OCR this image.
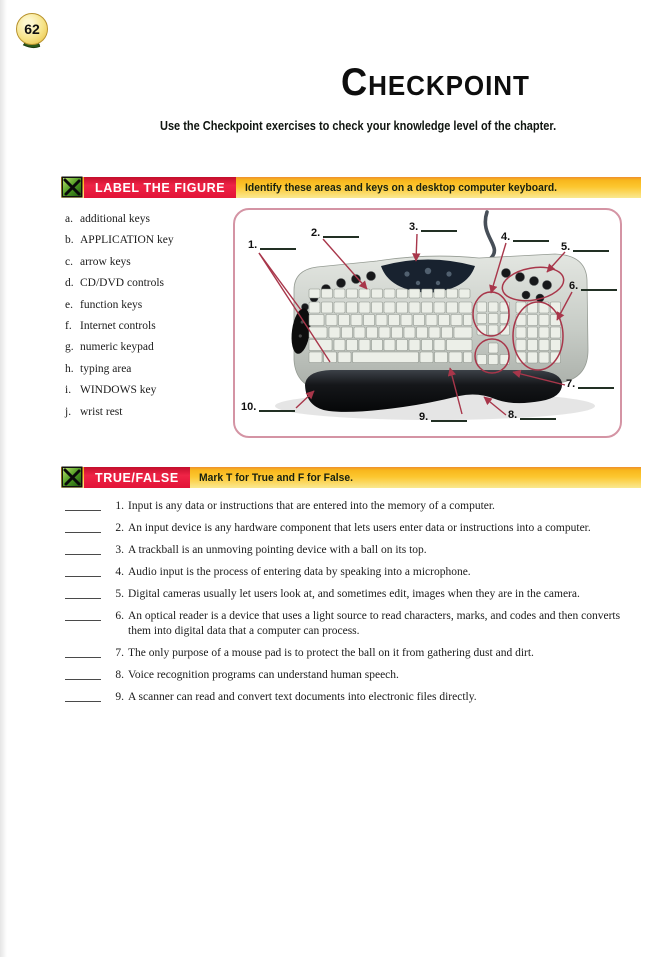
62
CHECKPOINT
Use the Checkpoint exercises to check your knowledge level of the chapter.
LABEL THE FIGURE	Identify these areas and keys on a desktop computer keyboard.
a. additional keys
b. APPLICATION key
c. arrow keys
d. CD/DVD controls
e. function keys
f. Internet controls
g. numeric keypad
h. typing area
i. WINDOWS key
j. wrist rest
1.
2.	3.
4.
5.
6.
7.
8.
9.
10.
TRUE/FALSE	Mark T for True and F for False.
1. Input is any data or instructions that are entered into the memory of a computer.
2. An input device is any hardware component that lets users enter data or instructions into a computer.
3. A trackball is an unmoving pointing device with a ball on its top.
4. Audio input is the process of entering data by speaking into a microphone.
5. Digital cameras usually let users look at, and sometimes edit, images when they are in the camera.
6. An optical reader is a device that uses a light source to read characters, marks, and codes and then converts them into digital data that a computer can process.
7. The only purpose of a mouse pad is to protect the ball on it from gathering dust and dirt.
8. Voice recognition programs can understand human speech.
9. A scanner can read and convert text documents into electronic files directly.
